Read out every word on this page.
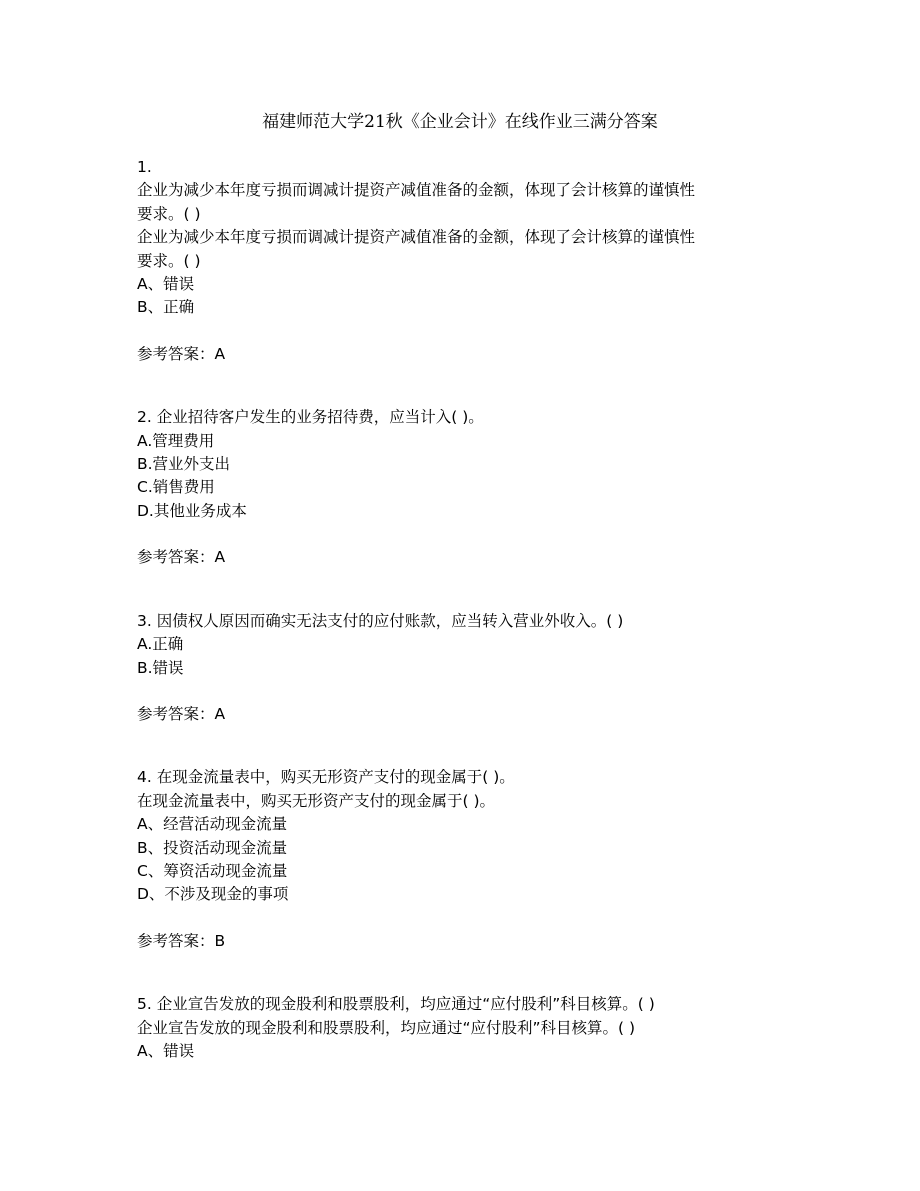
福建师范大学21秋《企业会计》在线作业三满分答案
1.
企业为减少本年度亏损而调减计提资产减值准备的金额，体现了会计核算的谨慎性
要求。( )
企业为减少本年度亏损而调减计提资产减值准备的金额，体现了会计核算的谨慎性
要求。( )
A、错误
B、正确
参考答案：A
2. 企业招待客户发生的业务招待费，应当计入( )。
A.管理费用
B.营业外支出
C.销售费用
D.其他业务成本
参考答案：A
3. 因债权人原因而确实无法支付的应付账款，应当转入营业外收入。( )
A.正确
B.错误
参考答案：A
4. 在现金流量表中，购买无形资产支付的现金属于( )。
在现金流量表中，购买无形资产支付的现金属于( )。
A、经营活动现金流量
B、投资活动现金流量
C、筹资活动现金流量
D、不涉及现金的事项
参考答案：B
5. 企业宣告发放的现金股利和股票股利，均应通过“应付股利”科目核算。( )
企业宣告发放的现金股利和股票股利，均应通过“应付股利”科目核算。( )
A、错误
